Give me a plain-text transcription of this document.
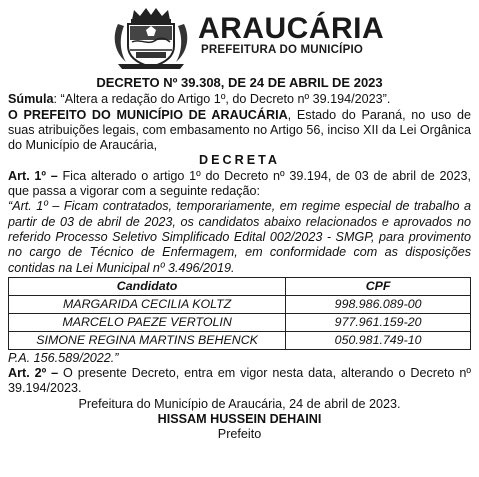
ARAUCÁRIA
PREFEITURA DO MUNICÍPIO

DECRETO Nº 39.308, DE 24 DE ABRIL DE 2023

Súmula: “Altera a redação do Artigo 1º, do Decreto nº 39.194/2023”.

O PREFEITO DO MUNICÍPIO DE ARAUCÁRIA, Estado do Paraná, no uso de suas atribuições legais, com embasamento no Artigo 56, inciso XII da Lei Orgânica do Município de Araucária,

DECRETA

Art. 1º – Fica alterado o artigo 1º do Decreto nº 39.194, de 03 de abril de 2023, que passa a vigorar com a seguinte redação:

“Art. 1º – Ficam contratados, temporariamente, em regime especial de trabalho a partir de 03 de abril de 2023, os candidatos abaixo relacionados e aprovados no referido Processo Seletivo Simplificado Edital 002/2023 - SMGP, para provimento no cargo de Técnico de Enfermagem, em conformidade com as disposições contidas na Lei Municipal nº 3.496/2019.

Candidato	CPF
MARGARIDA CECILIA KOLTZ	998.986.089-00
MARCELO PAEZE VERTOLIN	977.961.159-20
SIMONE REGINA MARTINS BEHENCK	050.981.749-10

P.A. 156.589/2022.”

Art. 2º – O presente Decreto, entra em vigor nesta data, alterando o Decreto nº 39.194/2023.

Prefeitura do Município de Araucária, 24 de abril de 2023.

HISSAM HUSSEIN DEHAINI

Prefeito
